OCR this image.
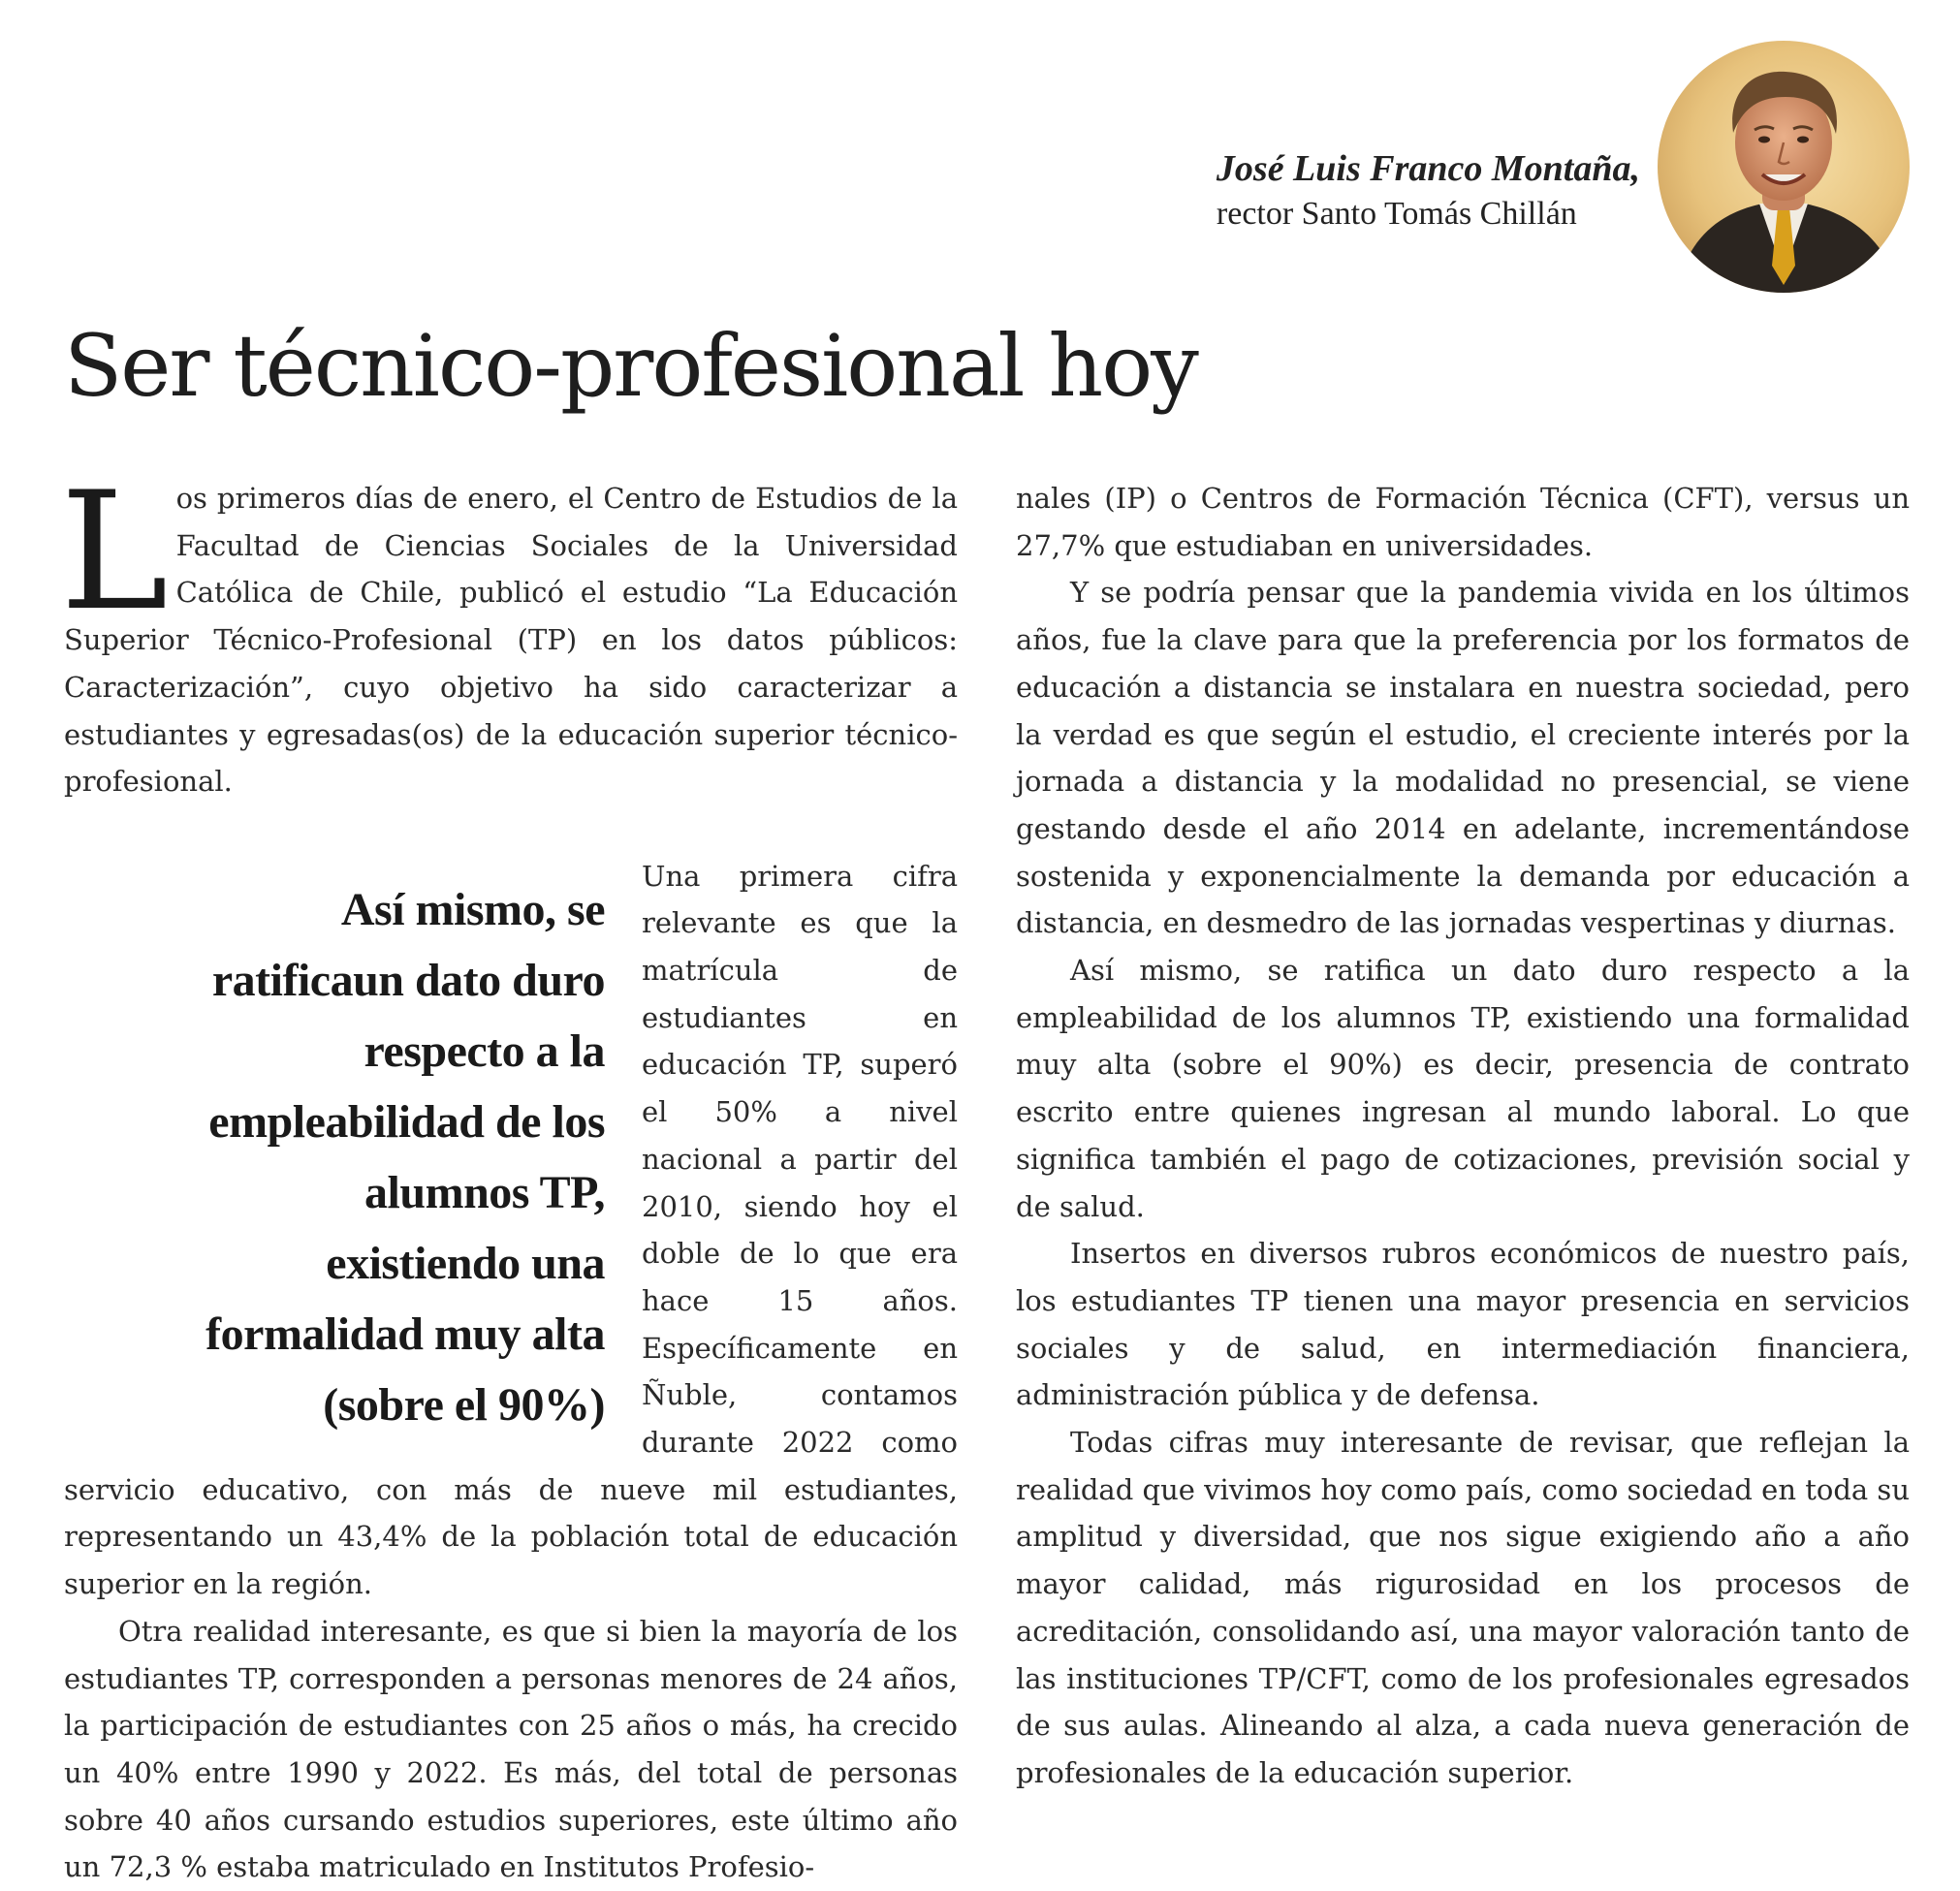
José Luis Franco Montaña,
rector Santo Tomás Chillán
Ser técnico-profesional hoy

Los primeros días de enero, el Centro de Estudios de la Facultad de Ciencias Sociales de la Universidad Católica de Chile, publicó el estudio “La Educación Superior Técnico-Profesional (TP) en los datos públicos: Caracterización”, cuyo objetivo ha sido caracterizar a estudiantes y egresadas(os) de la educación superior técnico-profesional.

Así mismo, se
ratificaun dato duro
respecto a la
empleabilidad de los
alumnos TP,
existiendo una
formalidad muy alta
(sobre el 90%)
Una primera cifra relevante es que la matrícula de estudiantes en educación TP, superó el 50% a nivel nacional a partir del 2010, siendo hoy el doble de lo que era hace 15 años. Específicamente en Ñuble, contamos durante 2022 como servicio educativo, con más de nueve mil estudiantes, representando un 43,4% de la población total de educación superior en la región.

Otra realidad interesante, es que si bien la mayoría de los estudiantes TP, corresponden a personas menores de 24 años, la participación de estudiantes con 25 años o más, ha crecido un 40% entre 1990 y 2022. Es más, del total de personas sobre 40 años cursando estudios superiores, este último año un 72,3 % estaba matriculado en Institutos Profesio-

nales (IP) o Centros de Formación Técnica (CFT), versus un 27,7% que estudiaban en universidades.

Y se podría pensar que la pandemia vivida en los últimos años, fue la clave para que la preferencia por los formatos de educación a distancia se instalara en nuestra sociedad, pero la verdad es que según el estudio, el creciente interés por la jornada a distancia y la modalidad no presencial, se viene gestando desde el año 2014 en adelante, incrementándose sostenida y exponencialmente la demanda por educación a distancia, en desmedro de las jornadas vespertinas y diurnas.

Así mismo, se ratifica un dato duro respecto a la empleabilidad de los alumnos TP, existiendo una formalidad muy alta (sobre el 90%) es decir, presencia de contrato escrito entre quienes ingresan al mundo laboral. Lo que significa también el pago de cotizaciones, previsión social y de salud.

Insertos en diversos rubros económicos de nuestro país, los estudiantes TP tienen una mayor presencia en servicios sociales y de salud, en intermediación financiera, administración pública y de defensa.

Todas cifras muy interesante de revisar, que reflejan la realidad que vivimos hoy como país, como sociedad en toda su amplitud y diversidad, que nos sigue exigiendo año a año mayor calidad, más rigurosidad en los procesos de acreditación, consolidando así, una mayor valoración tanto de las instituciones TP/CFT, como de los profesionales egresados de sus aulas. Alineando al alza, a cada nueva generación de profesionales de la educación superior.
